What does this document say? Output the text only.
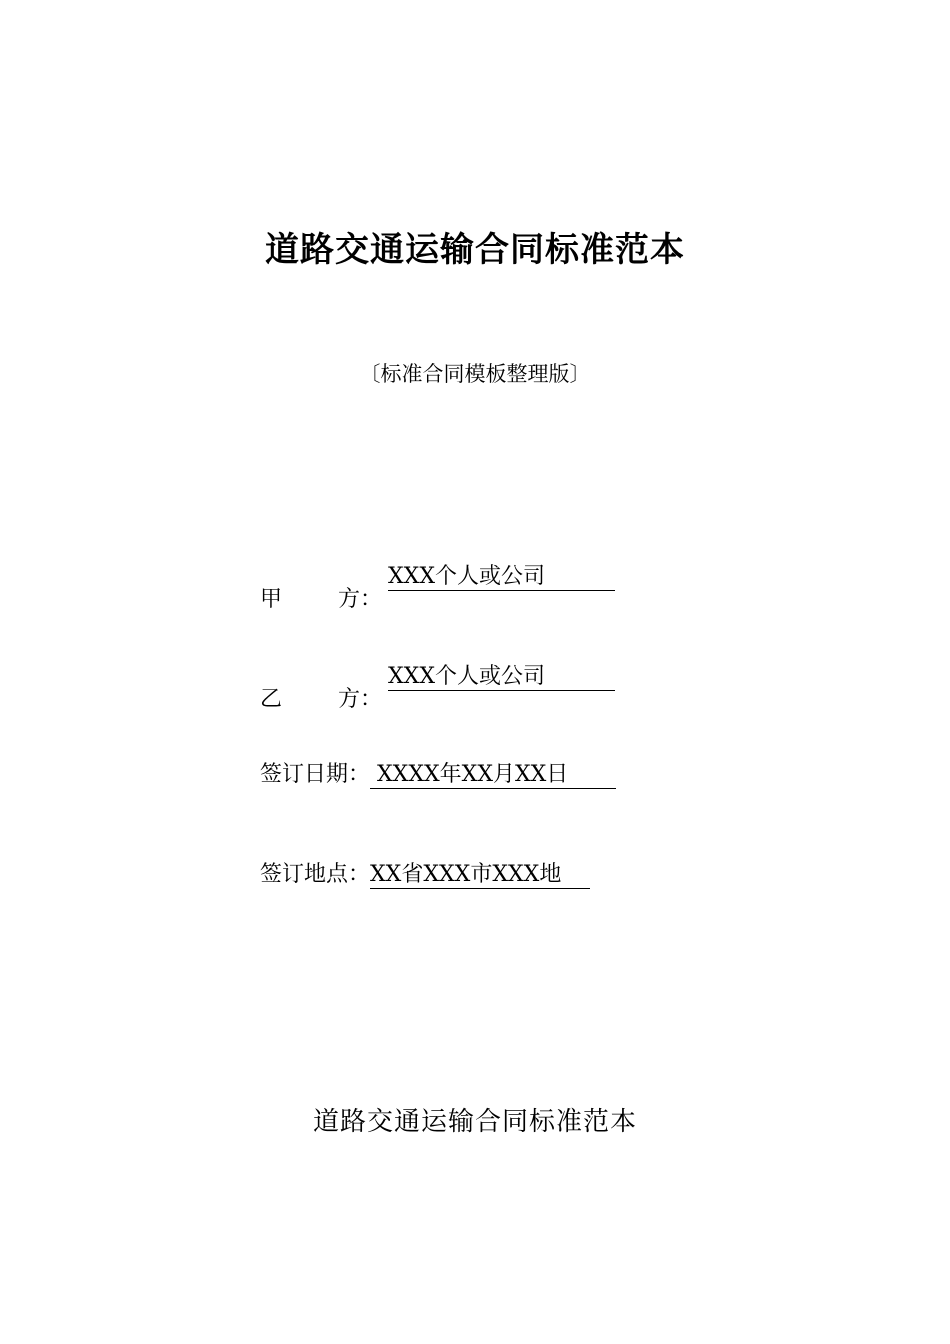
道路交通运输合同标准范本
〔标准合同模板整理版〕
甲	方：
XXX个人或公司
乙	方：
XXX个人或公司
签订日期： XXXX年XX月XX日
签订地点：XX省XXX市XXX地
道路交通运输合同标准范本
